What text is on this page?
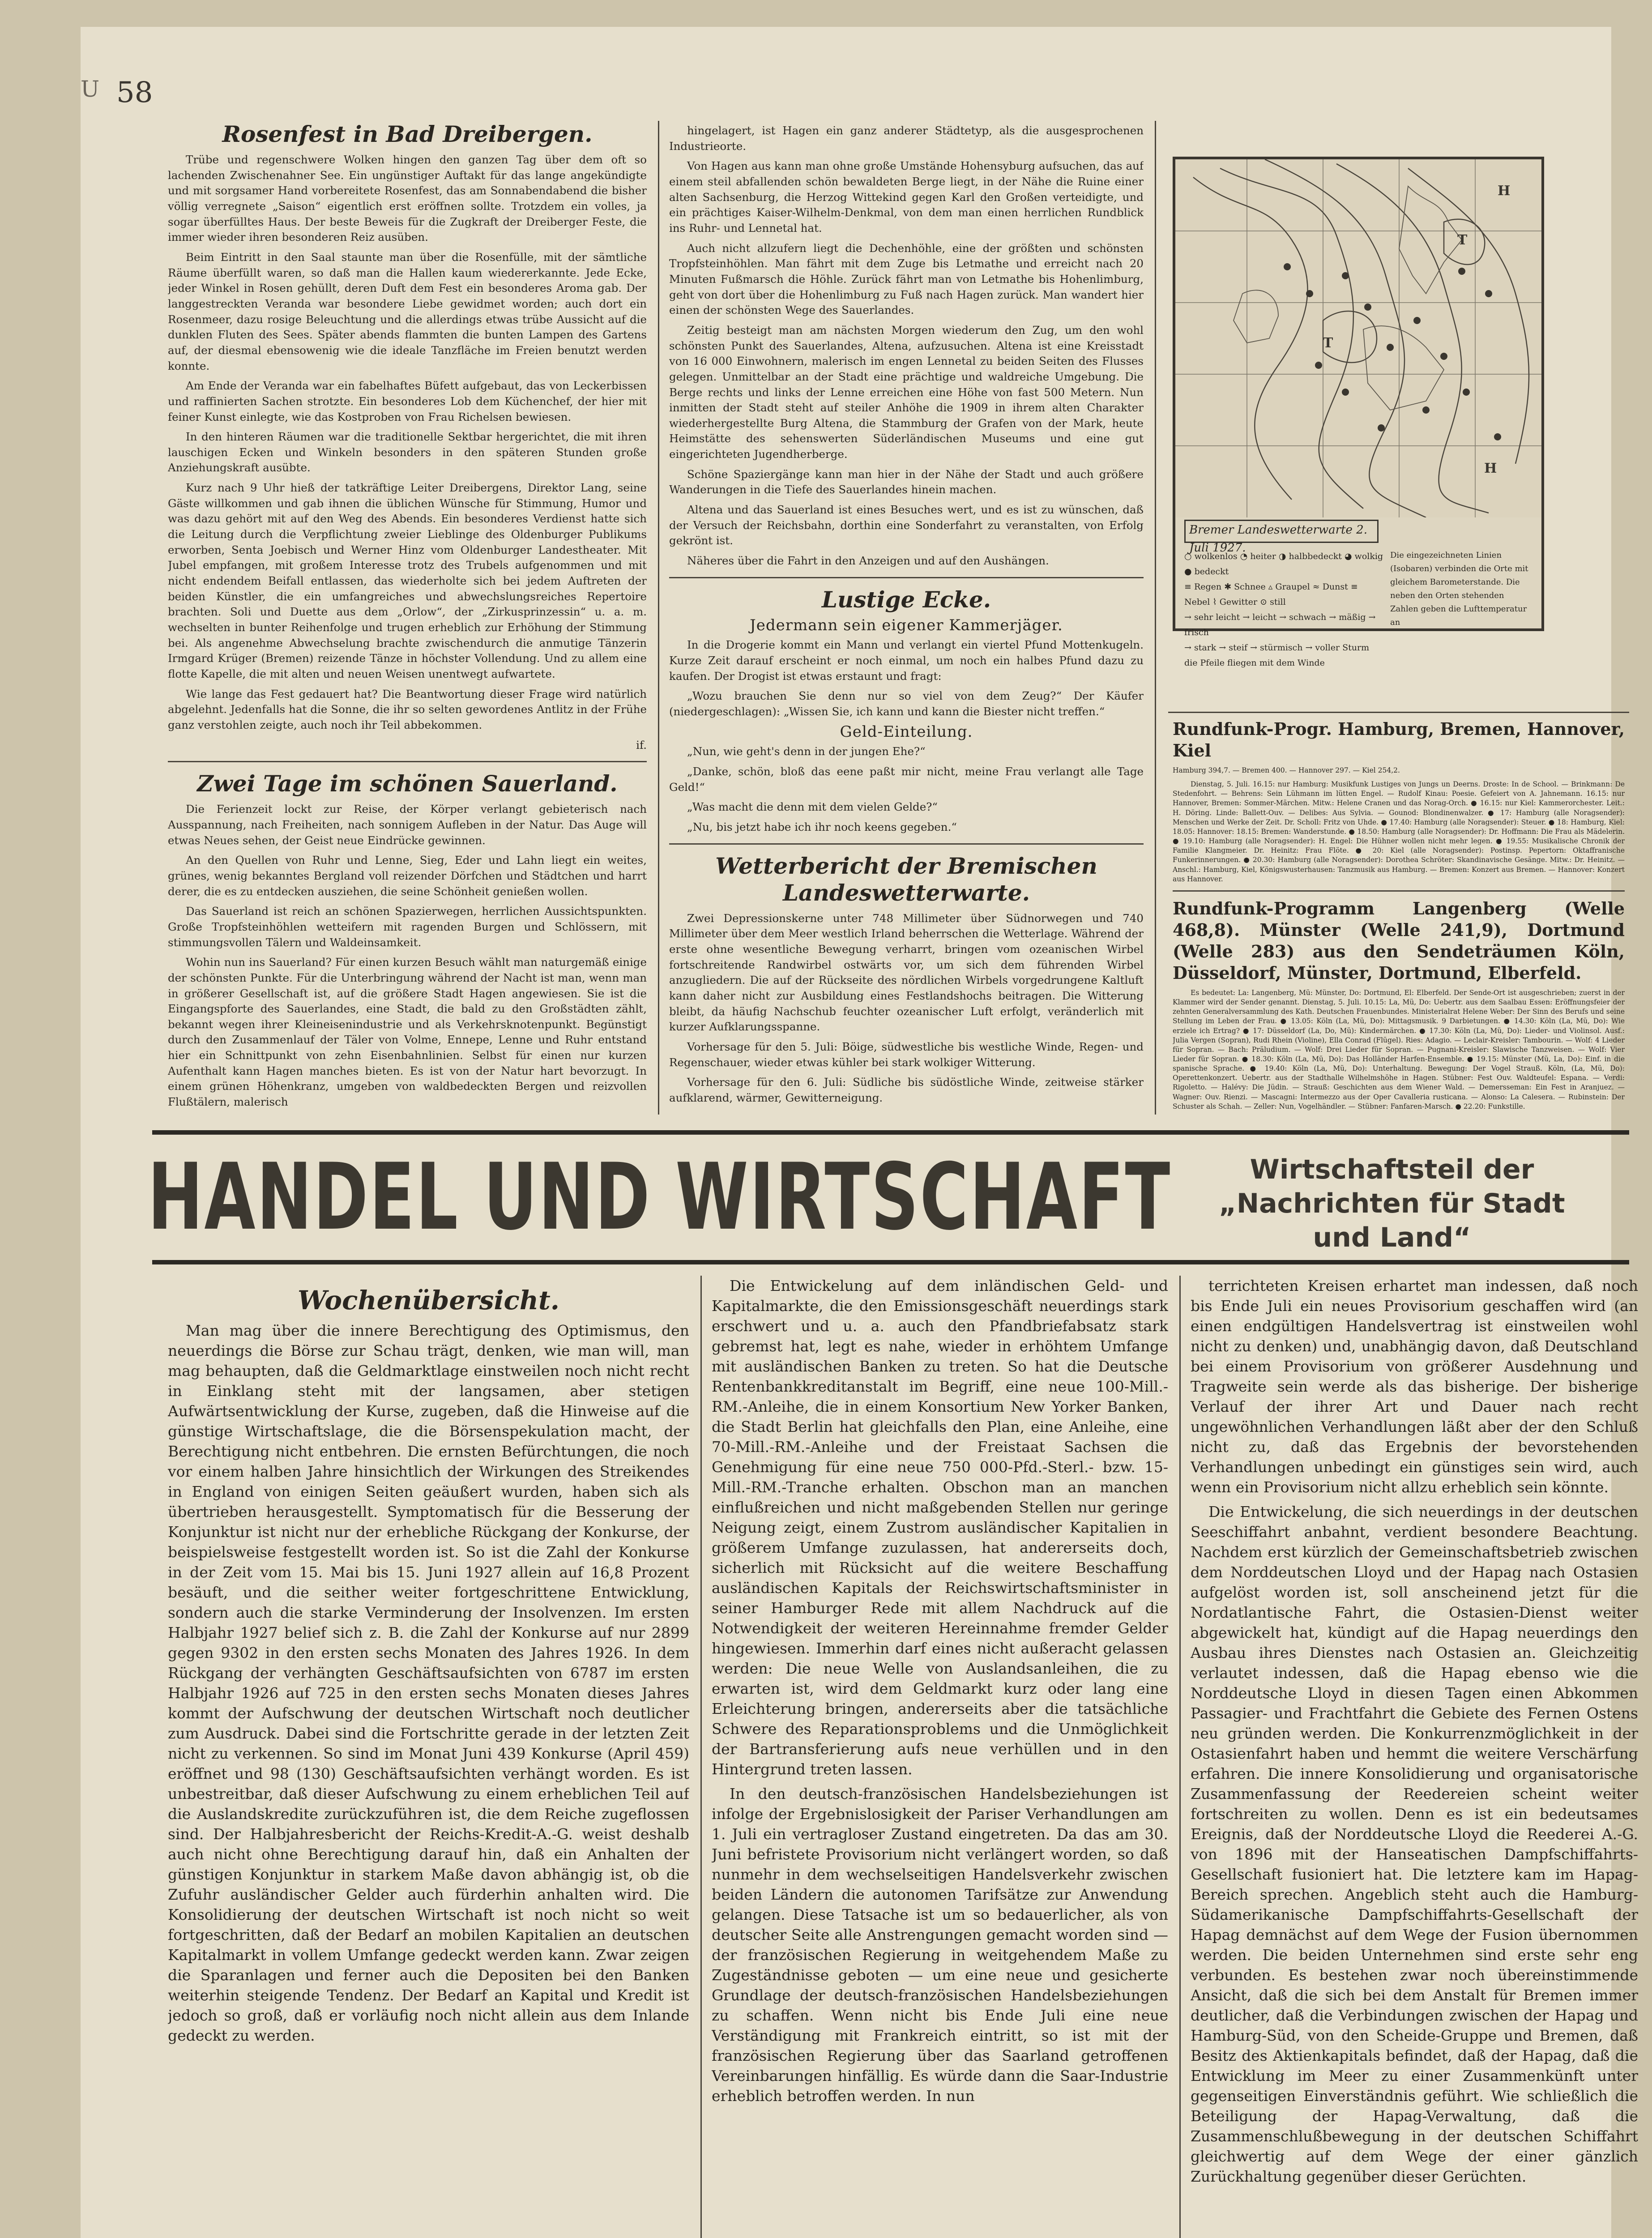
U 58

Rosenfest in Bad Dreibergen.

Trübe und regenschwere Wolken hingen den ganzen Tag über dem oft so lachenden Zwischenahner See. Ein ungünstiger Auftakt für das lange angekündigte und mit sorgsamer Hand vorbereitete Rosenfest, das am Sonnabendabend die bisher völlig verregnete „Saison“ eigentlich erst eröffnen sollte. Trotzdem ein volles, ja sogar überfülltes Haus. Der beste Beweis für die Zugkraft der Dreiberger Feste, die immer wieder ihren besonderen Reiz ausüben.

Beim Eintritt in den Saal staunte man über die Rosenfülle, mit der sämtliche Räume überfüllt waren, so daß man die Hallen kaum wiedererkannte. Jede Ecke, jeder Winkel in Rosen gehüllt, deren Duft dem Fest ein besonderes Aroma gab. Der langgestreckten Veranda war besondere Liebe gewidmet worden; auch dort ein Rosenmeer, dazu rosige Beleuchtung und die allerdings etwas trübe Aussicht auf die dunklen Fluten des Sees. Später abends flammten die bunten Lampen des Gartens auf, der diesmal ebensowenig wie die ideale Tanzfläche im Freien benutzt werden konnte.

Am Ende der Veranda war ein fabelhaftes Büfett aufgebaut, das von Leckerbissen und raffinierten Sachen strotzte. Ein besonderes Lob dem Küchenchef, der hier mit feiner Kunst einlegte, wie das Kostproben von Frau Richelsen bewiesen.

In den hinteren Räumen war die traditionelle Sektbar hergerichtet, die mit ihren lauschigen Ecken und Winkeln besonders in den späteren Stunden große Anziehungskraft ausübte.

Kurz nach 9 Uhr hieß der tatkräftige Leiter Dreibergens, Direktor Lang, seine Gäste willkommen und gab ihnen die üblichen Wünsche für Stimmung, Humor und was dazu gehört mit auf den Weg des Abends. Ein besonderes Verdienst hatte sich die Leitung durch die Verpflichtung zweier Lieblinge des Oldenburger Publikums erworben, Senta Joebisch und Werner Hinz vom Oldenburger Landestheater. Mit Jubel empfangen, mit großem Interesse trotz des Trubels aufgenommen und mit nicht endendem Beifall entlassen, das wiederholte sich bei jedem Auftreten der beiden Künstler, die ein umfangreiches und abwechslungsreiches Repertoire brachten. Soli und Duette aus dem „Orlow“, der „Zirkusprinzessin“ u. a. m. wechselten in bunter Reihenfolge und trugen erheblich zur Erhöhung der Stimmung bei. Als angenehme Abwechselung brachte zwischendurch die anmutige Tänzerin Irmgard Krüger (Bremen) reizende Tänze in höchster Vollendung. Und zu allem eine flotte Kapelle, die mit alten und neuen Weisen unentwegt aufwartete.

Wie lange das Fest gedauert hat? Die Beantwortung dieser Frage wird natürlich abgelehnt. Jedenfalls hat die Sonne, die ihr so selten gewordenes Antlitz in der Frühe ganz verstohlen zeigte, auch noch ihr Teil abbekommen.

if.

Zwei Tage im schönen Sauerland.

Die Ferienzeit lockt zur Reise, der Körper verlangt gebieterisch nach Ausspannung, nach Freiheiten, nach sonnigem Aufleben in der Natur. Das Auge will etwas Neues sehen, der Geist neue Eindrücke gewinnen.

An den Quellen von Ruhr und Lenne, Sieg, Eder und Lahn liegt ein weites, grünes, wenig bekanntes Bergland voll reizender Dörfchen und Städtchen und harrt derer, die es zu entdecken ausziehen, die seine Schönheit genießen wollen.

Das Sauerland ist reich an schönen Spazierwegen, herrlichen Aussichtspunkten. Große Tropfsteinhöhlen wetteifern mit ragenden Burgen und Schlössern, mit stimmungsvollen Tälern und Waldeinsamkeit.

Wohin nun ins Sauerland? Für einen kurzen Besuch wählt man naturgemäß einige der schönsten Punkte. Für die Unterbringung während der Nacht ist man, wenn man in größerer Gesellschaft ist, auf die größere Stadt Hagen angewiesen. Sie ist die Eingangspforte des Sauerlandes, eine Stadt, die bald zu den Großstädten zählt, bekannt wegen ihrer Kleineisenindustrie und als Verkehrsknotenpunkt. Begünstigt durch den Zusammenlauf der Täler von Volme, Ennepe, Lenne und Ruhr entstand hier ein Schnittpunkt von zehn Eisenbahnlinien. Selbst für einen nur kurzen Aufenthalt kann Hagen manches bieten. Es ist von der Natur hart bevorzugt. In einem grünen Höhenkranz, umgeben von waldbedeckten Bergen und reizvollen Flußtälern, malerisch

hingelagert, ist Hagen ein ganz anderer Städtetyp, als die ausgesprochenen Industrieorte.

Von Hagen aus kann man ohne große Umstände Hohensyburg aufsuchen, das auf einem steil abfallenden schön bewaldeten Berge liegt, in der Nähe die Ruine einer alten Sachsenburg, die Herzog Wittekind gegen Karl den Großen verteidigte, und ein prächtiges Kaiser-Wilhelm-Denkmal, von dem man einen herrlichen Rundblick ins Ruhr- und Lennetal hat.

Auch nicht allzufern liegt die Dechenhöhle, eine der größten und schönsten Tropfsteinhöhlen. Man fährt mit dem Zuge bis Letmathe und erreicht nach 20 Minuten Fußmarsch die Höhle. Zurück fährt man von Letmathe bis Hohenlimburg, geht von dort über die Hohenlimburg zu Fuß nach Hagen zurück. Man wandert hier einen der schönsten Wege des Sauerlandes.

Zeitig besteigt man am nächsten Morgen wiederum den Zug, um den wohl schönsten Punkt des Sauerlandes, Altena, aufzusuchen. Altena ist eine Kreisstadt von 16 000 Einwohnern, malerisch im engen Lennetal zu beiden Seiten des Flusses gelegen. Unmittelbar an der Stadt eine prächtige und waldreiche Umgebung. Die Berge rechts und links der Lenne erreichen eine Höhe von fast 500 Metern. Nun inmitten der Stadt steht auf steiler Anhöhe die 1909 in ihrem alten Charakter wiederhergestellte Burg Altena, die Stammburg der Grafen von der Mark, heute Heimstätte des sehenswerten Süderländischen Museums und eine gut eingerichteten Jugendherberge.

Schöne Spaziergänge kann man hier in der Nähe der Stadt und auch größere Wanderungen in die Tiefe des Sauerlandes hinein machen.

Altena und das Sauerland ist eines Besuches wert, und es ist zu wünschen, daß der Versuch der Reichsbahn, dorthin eine Sonderfahrt zu veranstalten, von Erfolg gekrönt ist.

Näheres über die Fahrt in den Anzeigen und auf den Aushängen.

Lustige Ecke.

Jedermann sein eigener Kammerjäger.

In die Drogerie kommt ein Mann und verlangt ein viertel Pfund Mottenkugeln. Kurze Zeit darauf erscheint er noch einmal, um noch ein halbes Pfund dazu zu kaufen. Der Drogist ist etwas erstaunt und fragt:

„Wozu brauchen Sie denn nur so viel von dem Zeug?“ Der Käufer (niedergeschlagen): „Wissen Sie, ich kann und kann die Biester nicht treffen.“

Geld-Einteilung.

„Nun, wie geht's denn in der jungen Ehe?“

„Danke, schön, bloß das eene paßt mir nicht, meine Frau verlangt alle Tage Geld!“

„Was macht die denn mit dem vielen Gelde?“

„Nu, bis jetzt habe ich ihr noch keens gegeben.“

Wetterbericht der Bremischen Landeswetterwarte.

Zwei Depressionskerne unter 748 Millimeter über Südnorwegen und 740 Millimeter über dem Meer westlich Irland beherrschen die Wetterlage. Während der erste ohne wesentliche Bewegung verharrt, bringen vom ozeanischen Wirbel fortschreitende Randwirbel ostwärts vor, um sich dem führenden Wirbel anzugliedern. Die auf der Rückseite des nördlichen Wirbels vorgedrungene Kaltluft kann daher nicht zur Ausbildung eines Festlandshochs beitragen. Die Witterung bleibt, da häufig Nachschub feuchter ozeanischer Luft erfolgt, veränderlich mit kurzer Aufklarungsspanne.

Vorhersage für den 5. Juli: Böige, südwestliche bis westliche Winde, Regen- und Regenschauer, wieder etwas kühler bei stark wolkiger Witterung.

Vorhersage für den 6. Juli: Südliche bis südöstliche Winde, zeitweise stärker aufklarend, wärmer, Gewitterneigung.

T
T
H
H
Bremer Landeswetterwarte 2. Juli 1927.
○ wolkenlos ◔ heiter ◑ halbbedeckt ◕ wolkig ● bedeckt
≡ Regen ✱ Schnee ▵ Graupel ≈ Dunst ≡ Nebel ⌇ Gewitter ⊙ still
→ sehr leicht → leicht → schwach → mäßig → frisch
→ stark → steif → stürmisch → voller Sturm
die Pfeile fliegen mit dem Winde
Die eingezeichneten Linien (Isobaren) verbinden die Orte mit gleichem Barometerstande. Die neben den Orten stehenden Zahlen geben die Lufttemperatur an

Rundfunk-Progr. Hamburg, Bremen, Hannover, Kiel

Hamburg 394,7. — Bremen 400. — Hannover 297. — Kiel 254,2.

Dienstag, 5. Juli. 16.15: nur Hamburg: Musikfunk Lustiges von Jungs un Deerns. Droste: In de School. — Brinkmann: De Stedenfohrt. — Behrens: Sein Lühmann im lütten Engel. — Rudolf Kinau: Poesie. Gefeiert von A. Jahnemann. 16.15: nur Hannover, Bremen: Sommer-Märchen. Mitw.: Helene Cranen und das Norag-Orch. ● 16.15: nur Kiel: Kammerorchester. Leit.: H. Döring. Linde: Ballett-Ouv. — Delibes: Aus Sylvia. — Gounod: Blondinenwalzer. ● 17: Hamburg (alle Noragsender): Menschen und Werke der Zeit. Dr. Scholl: Fritz von Uhde. ● 17.40: Hamburg (alle Noragsender): Steuer. ● 18: Hamburg, Kiel: 18.05: Hannover: 18.15: Bremen: Wanderstunde. ● 18.50: Hamburg (alle Noragsender): Dr. Hoffmann: Die Frau als Mädelerin. ● 19.10: Hamburg (alle Noragsender): H. Engel: Die Hühner wollen nicht mehr legen. ● 19.55: Musikalische Chronik der Familie Klangmeier. Dr. Heinitz: Frau Flöte. ● 20: Kiel (alle Noragsender): Postinsp. Pepertorn: Oktaffranische Funkerinnerungen. ● 20.30: Hamburg (alle Noragsender): Dorothea Schröter: Skandinavische Gesänge. Mitw.: Dr. Heinitz. — Anschl.: Hamburg, Kiel, Königswusterhausen: Tanzmusik aus Hamburg. — Bremen: Konzert aus Bremen. — Hannover: Konzert aus Hannover.

Rundfunk-Programm Langenberg (Welle 468,8). Münster (Welle 241,9), Dortmund (Welle 283) aus den Sendeträumen Köln, Düsseldorf, Münster, Dortmund, Elberfeld.

Es bedeutet: La: Langenberg, Mü: Münster, Do: Dortmund, El: Elberfeld. Der Sende-Ort ist ausgeschrieben; zuerst in der Klammer wird der Sender genannt. Dienstag, 5. Juli. 10.15: La, Mü, Do: Uebertr. aus dem Saalbau Essen: Eröffnungsfeier der zehnten Generalversammlung des Kath. Deutschen Frauenbundes. Ministerialrat Helene Weber: Der Sinn des Berufs und seine Stellung im Leben der Frau. ● 13.05: Köln (La, Mü, Do): Mittagsmusik. 9 Darbietungen. ● 14.30: Köln (La, Mü, Do): Wie erziele ich Ertrag? ● 17: Düsseldorf (La, Do, Mü): Kindermärchen. ● 17.30: Köln (La, Mü, Do): Lieder- und Violinsol. Ausf.: Julia Vergen (Sopran), Rudi Rhein (Violine), Ella Conrad (Flügel). Ries: Adagio. — Leclair-Kreisler: Tambourin. — Wolf: 4 Lieder für Sopran. — Bach: Präludium. — Wolf: Drei Lieder für Sopran. — Pugnani-Kreisler: Slawische Tanzweisen. — Wolf: Vier Lieder für Sopran. ● 18.30: Köln (La, Mü, Do): Das Holländer Harfen-Ensemble. ● 19.15: Münster (Mü, La, Do): Einf. in die spanische Sprache. ● 19.40: Köln (La, Mü, Do): Unterhaltung. Bewegung: Der Vogel Strauß. Köln, (La, Mü, Do): Operettenkonzert. Uebertr. aus der Stadthalle Wilhelmshöhe in Hagen. Stübner: Fest Ouv. Waldteufel: Espana. — Verdi: Rigoletto. — Halévy: Die Jüdin. — Strauß: Geschichten aus dem Wiener Wald. — Demersseman: Ein Fest in Aranjuez. — Wagner: Ouv. Rienzi. — Mascagni: Intermezzo aus der Oper Cavalleria rusticana. — Alonso: La Calesera. — Rubinstein: Der Schuster als Schah. — Zeller: Nun, Vogelhändler. — Stübner: Fanfaren-Marsch. ● 22.20: Funkstille.

HANDEL UND WIRTSCHAFT	Wirtschaftsteil der
„Nachrichten für Stadt und Land“

Wochenübersicht.

Man mag über die innere Berechtigung des Optimismus, den neuerdings die Börse zur Schau trägt, denken, wie man will, man mag behaupten, daß die Geldmarktlage einstweilen noch nicht recht in Einklang steht mit der langsamen, aber stetigen Aufwärtsentwicklung der Kurse, zugeben, daß die Hinweise auf die günstige Wirtschaftslage, die die Börsenspekulation macht, der Berechtigung nicht entbehren. Die ernsten Befürchtungen, die noch vor einem halben Jahre hinsichtlich der Wirkungen des Streikendes in England von einigen Seiten geäußert wurden, haben sich als übertrieben herausgestellt. Symptomatisch für die Besserung der Konjunktur ist nicht nur der erhebliche Rückgang der Konkurse, der beispielsweise festgestellt worden ist. So ist die Zahl der Konkurse in der Zeit vom 15. Mai bis 15. Juni 1927 allein auf 16,8 Prozent besäuft, und die seither weiter fortgeschrittene Entwicklung, sondern auch die starke Verminderung der Insolvenzen. Im ersten Halbjahr 1927 belief sich z. B. die Zahl der Konkurse auf nur 2899 gegen 9302 in den ersten sechs Monaten des Jahres 1926. In dem Rückgang der verhängten Geschäftsaufsichten von 6787 im ersten Halbjahr 1926 auf 725 in den ersten sechs Monaten dieses Jahres kommt der Aufschwung der deutschen Wirtschaft noch deutlicher zum Ausdruck. Dabei sind die Fortschritte gerade in der letzten Zeit nicht zu verkennen. So sind im Monat Juni 439 Konkurse (April 459) eröffnet und 98 (130) Geschäftsaufsichten verhängt worden. Es ist unbestreitbar, daß dieser Aufschwung zu einem erheblichen Teil auf die Auslandskredite zurückzuführen ist, die dem Reiche zugeflossen sind. Der Halbjahresbericht der Reichs-Kredit-A.-G. weist deshalb auch nicht ohne Berechtigung darauf hin, daß ein Anhalten der günstigen Konjunktur in starkem Maße davon abhängig ist, ob die Zufuhr ausländischer Gelder auch fürderhin anhalten wird. Die Konsolidierung der deutschen Wirtschaft ist noch nicht so weit fortgeschritten, daß der Bedarf an mobilen Kapitalien an deutschen Kapitalmarkt in vollem Umfange gedeckt werden kann. Zwar zeigen die Sparanlagen und ferner auch die Depositen bei den Banken weiterhin steigende Tendenz. Der Bedarf an Kapital und Kredit ist jedoch so groß, daß er vorläufig noch nicht allein aus dem Inlande gedeckt zu werden.

Die Entwickelung auf dem inländischen Geld- und Kapitalmarkte, die den Emissionsgeschäft neuerdings stark erschwert und u. a. auch den Pfandbriefabsatz stark gebremst hat, legt es nahe, wieder in erhöhtem Umfange mit ausländischen Banken zu treten. So hat die Deutsche Rentenbankkreditanstalt im Begriff, eine neue 100-Mill.-RM.-Anleihe, die in einem Konsortium New Yorker Banken, die Stadt Berlin hat gleichfalls den Plan, eine Anleihe, eine 70-Mill.-RM.-Anleihe und der Freistaat Sachsen die Genehmigung für eine neue 750 000-Pfd.-Sterl.- bzw. 15-Mill.-RM.-Tranche erhalten. Obschon man an manchen einflußreichen und nicht maßgebenden Stellen nur geringe Neigung zeigt, einem Zustrom ausländischer Kapitalien in größerem Umfange zuzulassen, hat andererseits doch, sicherlich mit Rücksicht auf die weitere Beschaffung ausländischen Kapitals der Reichswirtschaftsminister in seiner Hamburger Rede mit allem Nachdruck auf die Notwendigkeit der weiteren Hereinnahme fremder Gelder hingewiesen. Immerhin darf eines nicht außeracht gelassen werden: Die neue Welle von Auslandsanleihen, die zu erwarten ist, wird dem Geldmarkt kurz oder lang eine Erleichterung bringen, andererseits aber die tatsächliche Schwere des Reparationsproblems und die Unmöglichkeit der Bartransferierung aufs neue verhüllen und in den Hintergrund treten lassen.

In den deutsch-französischen Handelsbeziehungen ist infolge der Ergebnislosigkeit der Pariser Verhandlungen am 1. Juli ein vertragloser Zustand eingetreten. Da das am 30. Juni befristete Provisorium nicht verlängert worden, so daß nunmehr in dem wechselseitigen Handelsverkehr zwischen beiden Ländern die autonomen Tarifsätze zur Anwendung gelangen. Diese Tatsache ist um so bedauerlicher, als von deutscher Seite alle Anstrengungen gemacht worden sind — der französischen Regierung in weitgehendem Maße zu Zugeständnisse geboten — um eine neue und gesicherte Grundlage der deutsch-französischen Handelsbeziehungen zu schaffen. Wenn nicht bis Ende Juli eine neue Verständigung mit Frankreich eintritt, so ist mit der französischen Regierung über das Saarland getroffenen Vereinbarungen hinfällig. Es würde dann die Saar-Industrie erheblich betroffen werden. In nun

terrichteten Kreisen erhartet man indessen, daß noch bis Ende Juli ein neues Provisorium geschaffen wird (an einen endgültigen Handelsvertrag ist einstweilen wohl nicht zu denken) und, unabhängig davon, daß Deutschland bei einem Provisorium von größerer Ausdehnung und Tragweite sein werde als das bisherige. Der bisherige Verlauf der ihrer Art und Dauer nach recht ungewöhnlichen Verhandlungen läßt aber der den Schluß nicht zu, daß das Ergebnis der bevorstehenden Verhandlungen unbedingt ein günstiges sein wird, auch wenn ein Provisorium nicht allzu erheblich sein könnte.

Die Entwickelung, die sich neuerdings in der deutschen Seeschiffahrt anbahnt, verdient besondere Beachtung. Nachdem erst kürzlich der Gemeinschaftsbetrieb zwischen dem Norddeutschen Lloyd und der Hapag nach Ostasien aufgelöst worden ist, soll anscheinend jetzt für die Nordatlantische Fahrt, die Ostasien-Dienst weiter abgewickelt hat, kündigt auf die Hapag neuerdings den Ausbau ihres Dienstes nach Ostasien an. Gleichzeitig verlautet indessen, daß die Hapag ebenso wie die Norddeutsche Lloyd in diesen Tagen einen Abkommen Passagier- und Frachtfahrt die Gebiete des Fernen Ostens neu gründen werden. Die Konkurrenzmöglichkeit in der Ostasienfahrt haben und hemmt die weitere Verschärfung erfahren. Die innere Konsolidierung und organisatorische Zusammenfassung der Reedereien scheint weiter fortschreiten zu wollen. Denn es ist ein bedeutsames Ereignis, daß der Norddeutsche Lloyd die Reederei A.-G. von 1896 mit der Hanseatischen Dampfschiffahrts-Gesellschaft fusioniert hat. Die letztere kam im Hapag-Bereich sprechen. Angeblich steht auch die Hamburg-Südamerikanische Dampfschiffahrts-Gesellschaft der Hapag demnächst auf dem Wege der Fusion übernommen werden. Die beiden Unternehmen sind erste sehr eng verbunden. Es bestehen zwar noch übereinstimmende Ansicht, daß die sich bei dem Anstalt für Bremen immer deutlicher, daß die Verbindungen zwischen der Hapag und Hamburg-Süd, von den Scheide-Gruppe und Bremen, daß Besitz des Aktienkapitals befindet, daß der Hapag, daß die Entwicklung im Meer zu einer Zusammenkünft unter gegenseitigen Einverständnis geführt. Wie schließlich die Beteiligung der Hapag-Verwaltung, daß die Zusammenschlußbewegung in der deutschen Schiffahrt gleichwertig auf dem Wege der einer gänzlich Zurückhaltung gegenüber dieser Gerüchten.
